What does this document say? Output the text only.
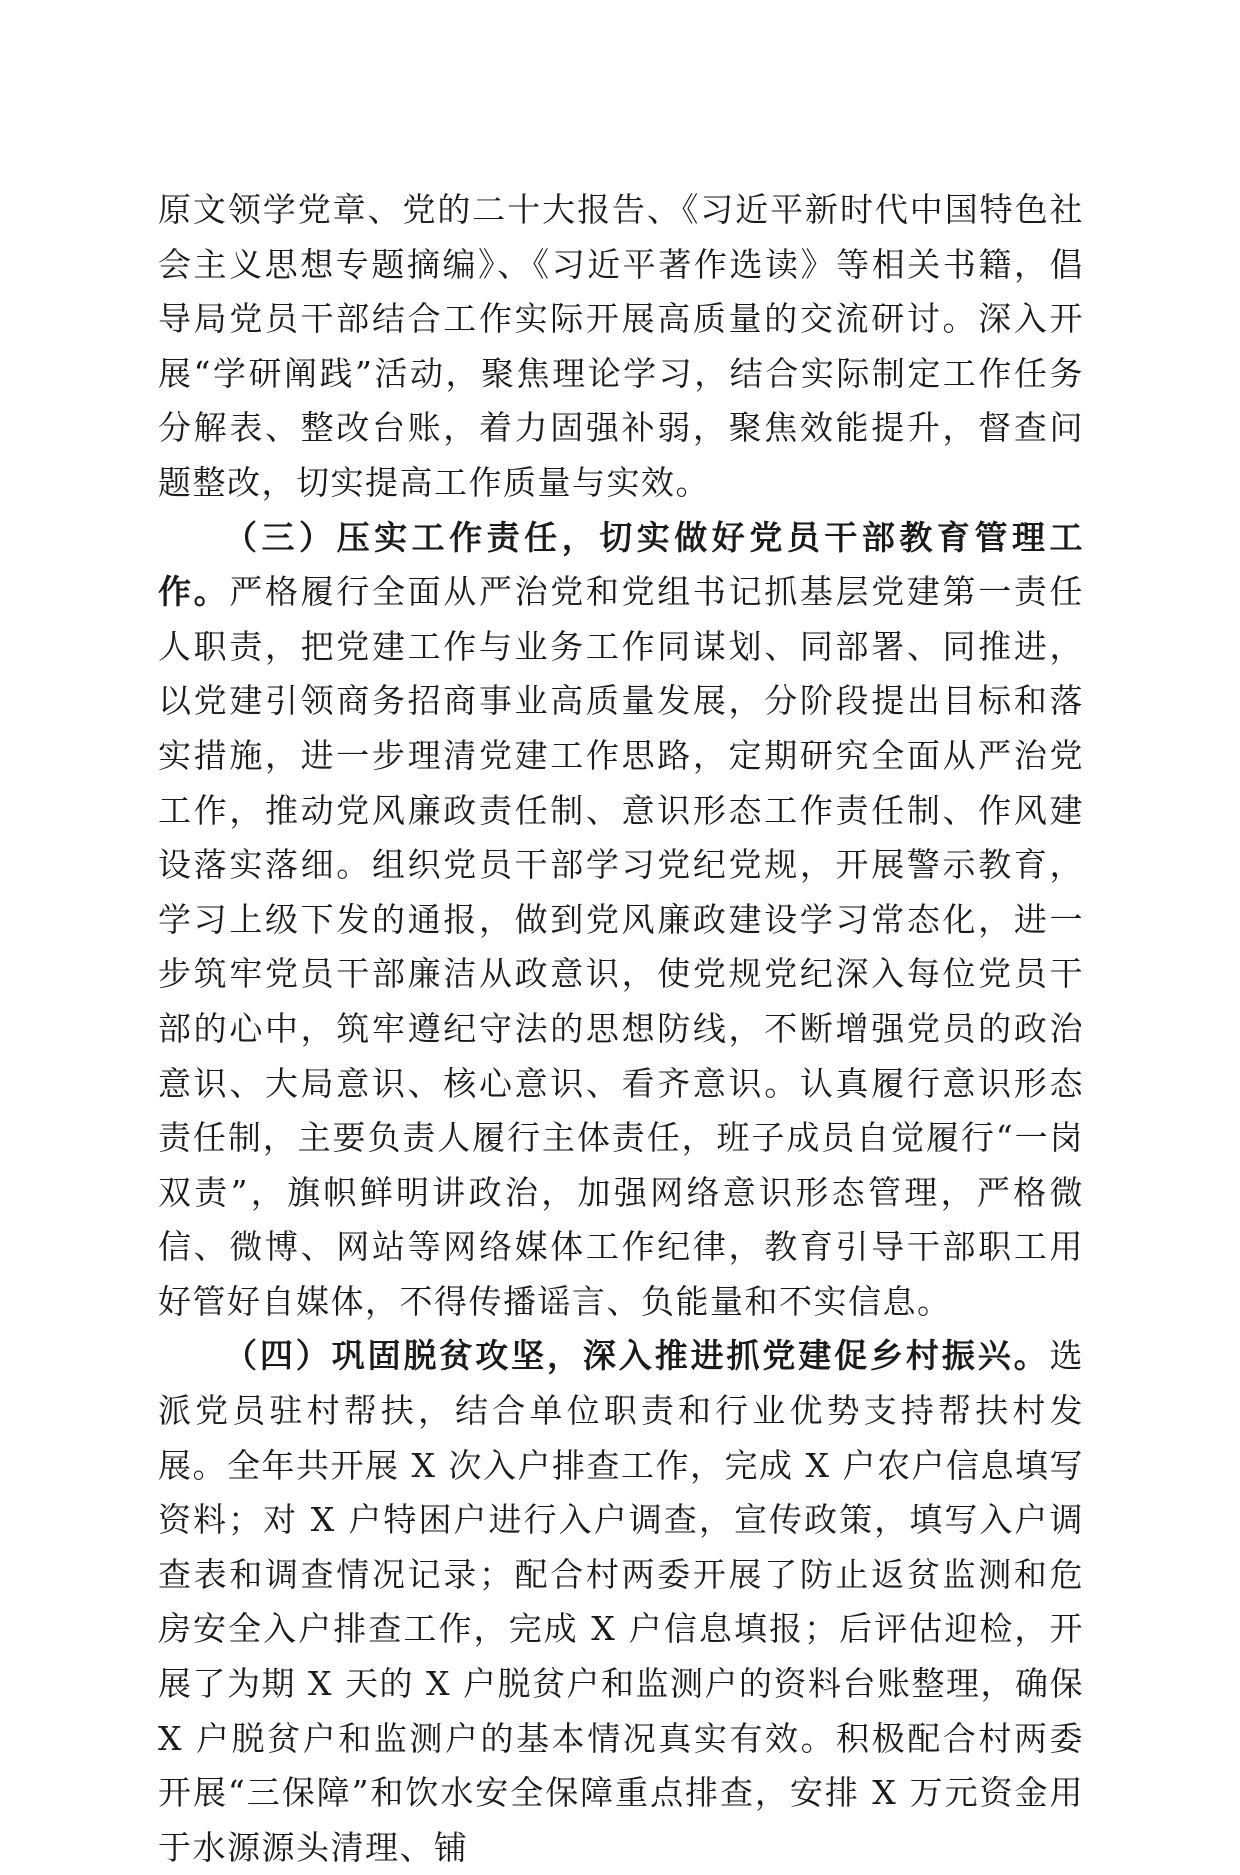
原文领学党章、党的二十大报告、《习近平新时代中国特色社会主义思想专题摘编》、《习近平著作选读》等相关书籍，倡导局党员干部结合工作实际开展高质量的交流研讨。深入开展“学研阐践”活动，聚焦理论学习，结合实际制定工作任务分解表、整改台账，着力固强补弱，聚焦效能提升，督查问题整改，切实提高工作质量与实效。

（三）压实工作责任，切实做好党员干部教育管理工作。严格履行全面从严治党和党组书记抓基层党建第一责任人职责，把党建工作与业务工作同谋划、同部署、同推进，以党建引领商务招商事业高质量发展，分阶段提出目标和落实措施，进一步理清党建工作思路，定期研究全面从严治党工作，推动党风廉政责任制、意识形态工作责任制、作风建设落实落细。组织党员干部学习党纪党规，开展警示教育，学习上级下发的通报，做到党风廉政建设学习常态化，进一步筑牢党员干部廉洁从政意识，使党规党纪深入每位党员干部的心中，筑牢遵纪守法的思想防线，不断增强党员的政治意识、大局意识、核心意识、看齐意识。认真履行意识形态责任制，主要负责人履行主体责任，班子成员自觉履行“一岗双责”，旗帜鲜明讲政治，加强网络意识形态管理，严格微信、微博、网站等网络媒体工作纪律，教育引导干部职工用好管好自媒体，不得传播谣言、负能量和不实信息。

（四）巩固脱贫攻坚，深入推进抓党建促乡村振兴。选派党员驻村帮扶，结合单位职责和行业优势支持帮扶村发展。全年共开展 X 次入户排查工作，完成 X 户农户信息填写资料；对 X 户特困户进行入户调查，宣传政策，填写入户调查表和调查情况记录；配合村两委开展了防止返贫监测和危房安全入户排查工作，完成 X 户信息填报；后评估迎检，开展了为期 X 天的 X 户脱贫户和监测户的资料台账整理，确保 X 户脱贫户和监测户的基本情况真实有效。积极配合村两委开展“三保障”和饮水安全保障重点排查，安排 X 万元资金用于水源源头清理、铺
